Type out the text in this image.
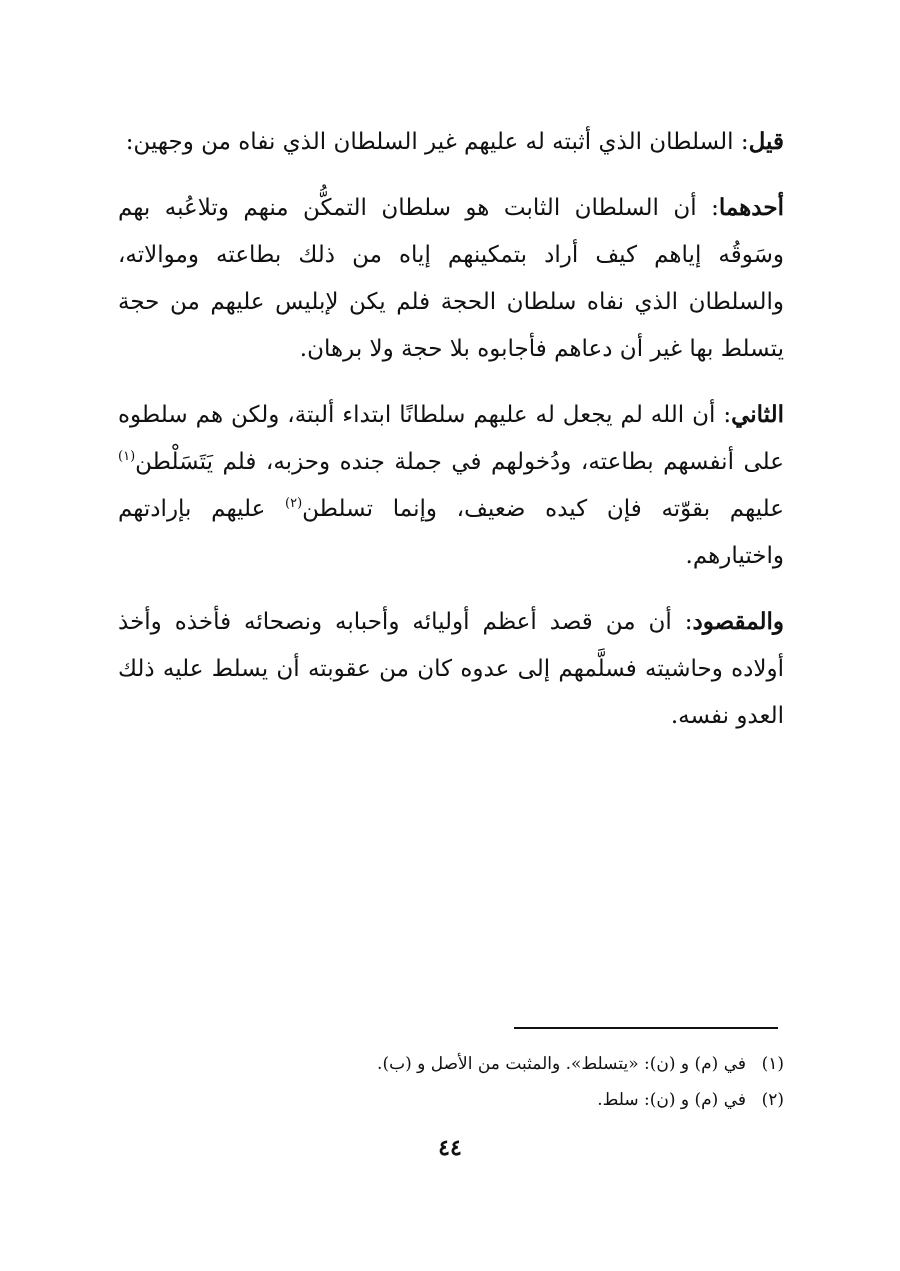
قيل: السلطان الذي أثبته له عليهم غير السلطان الذي نفاه من وجهين:

أحدهما: أن السلطان الثابت هو سلطان التمكُّن منهم وتلاعُبه بهم وسَوقُه إياهم كيف أراد بتمكينهم إياه من ذلك بطاعته وموالاته، والسلطان الذي نفاه سلطان الحجة فلم يكن لإبليس عليهم من حجة يتسلط بها غير أن دعاهم فأجابوه بلا حجة ولا برهان.

الثاني: أن الله لم يجعل له عليهم سلطانًا ابتداء ألبتة، ولكن هم سلطوه على أنفسهم بطاعته، ودُخولهم في جملة جنده وحزبه، فلم يَتَسَلْطن$^{(١)}$ عليهم بقوّته فإن كيده ضعيف، وإنما تسلطن$^{(٢)}$ عليهم بإرادتهم واختيارهم.

والمقصود: أن من قصد أعظم أوليائه وأحبابه ونصحائه فأخذه وأخذ أولاده وحاشيته فسلَّمهم إلى عدوه كان من عقوبته أن يسلط عليه ذلك العدو نفسه.

(١)في (م) و (ن): «يتسلط». والمثبت من الأصل و (ب).
(٢)في (م) و (ن): سلط.
٤٤
